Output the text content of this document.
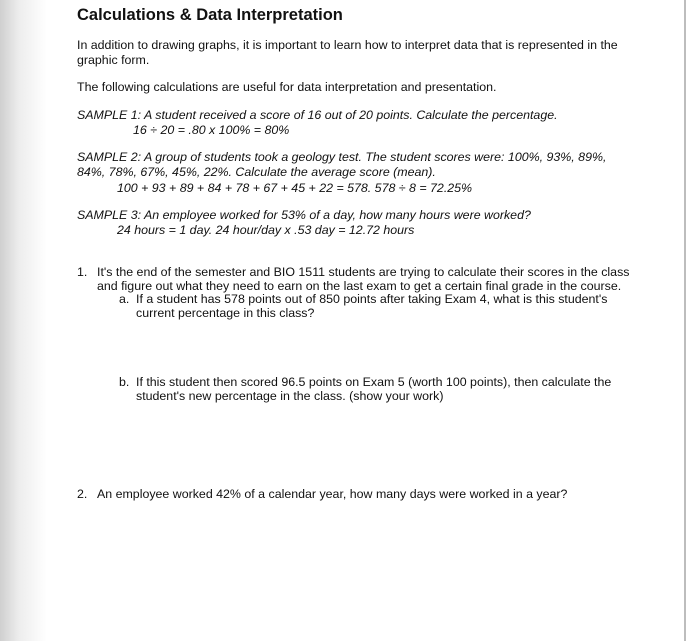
Calculations & Data Interpretation

In addition to drawing graphs, it is important to learn how to interpret data that is represented in the

graphic form.

The following calculations are useful for data interpretation and presentation.

SAMPLE 1: A student received a score of 16 out of 20 points. Calculate the percentage.

16 ÷ 20 = .80 x 100% = 80%

SAMPLE 2: A group of students took a geology test. The student scores were: 100%, 93%, 89%,

84%, 78%, 67%, 45%, 22%. Calculate the average score (mean).

100 + 93 + 89 + 84 + 78 + 67 + 45 + 22 = 578. 578 ÷ 8 = 72.25%

SAMPLE 3: An employee worked for 53% of a day, how many hours were worked?

24 hours = 1 day. 24 hour/day x .53 day = 12.72 hours

1. It's the end of the semester and BIO 1511 students are trying to calculate their scores in the class

and figure out what they need to earn on the last exam to get a certain final grade in the course.

a. If a student has 578 points out of 850 points after taking Exam 4, what is this student's

current percentage in this class?

b. If this student then scored 96.5 points on Exam 5 (worth 100 points), then calculate the

student's new percentage in the class. (show your work)

2. An employee worked 42% of a calendar year, how many days were worked in a year?
